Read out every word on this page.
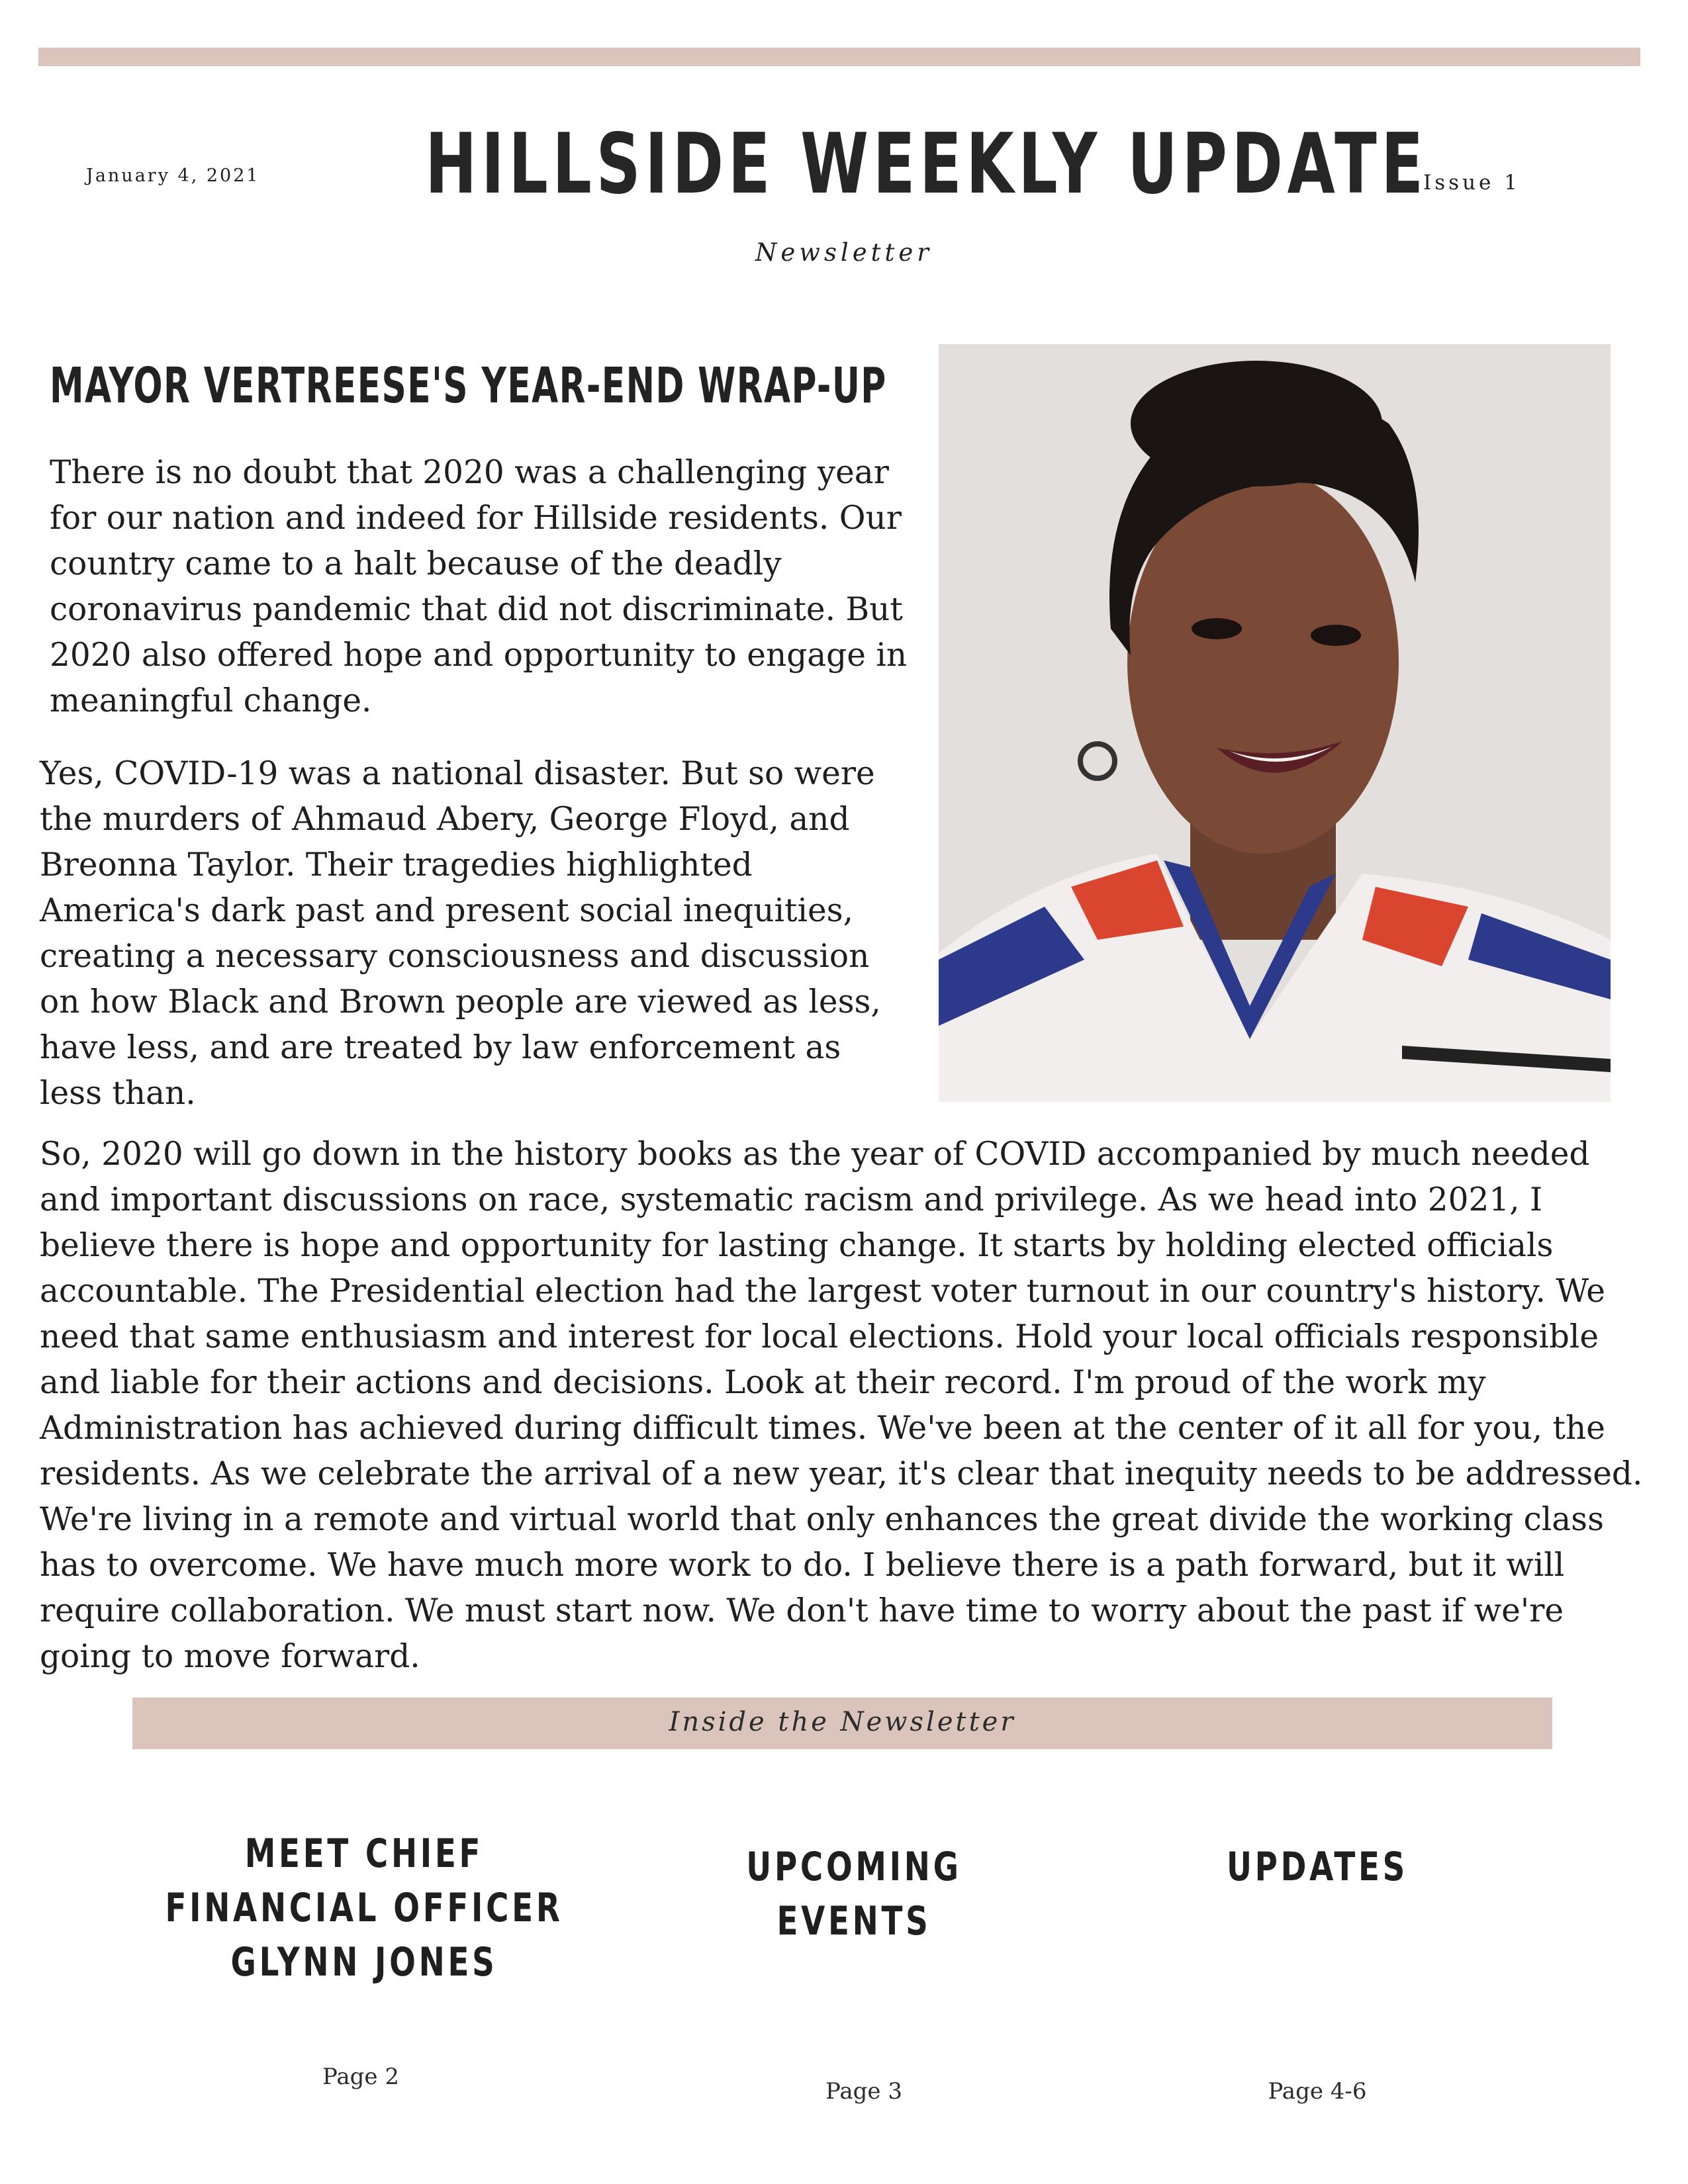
January 4, 2021 HILLSIDE WEEKLY UPDATE
Issue 1
Newsletter
MAYOR VERTREESE'S YEAR-END WRAP-UP
There is no doubt that 2020 was a challenging year for our nation and indeed for Hillside residents. Our country came to a halt because of the deadly coronavirus pandemic that did not discriminate. But 2020 also offered hope and opportunity to engage in meaningful change.
Yes, COVID-19 was a national disaster. But so were the murders of Ahmaud Abery, George Floyd, and Breonna Taylor. Their tragedies highlighted America's dark past and present social inequities, creating a necessary consciousness and discussion on how Black and Brown people are viewed as less, have less, and are treated by law enforcement as less than.
So, 2020 will go down in the history books as the year of COVID accompanied by much needed and important discussions on race, systematic racism and privilege. As we head into 2021, I believe there is hope and opportunity for lasting change. It starts by holding elected officials accountable. The Presidential election had the largest voter turnout in our country's history. We need that same enthusiasm and interest for local elections. Hold your local officials responsible and liable for their actions and decisions. Look at their record. I'm proud of the work my Administration has achieved during difficult times. We've been at the center of it all for you, the residents. As we celebrate the arrival of a new year, it's clear that inequity needs to be addressed. We're living in a remote and virtual world that only enhances the great divide the working class has to overcome. We have much more work to do. I believe there is a path forward, but it will require collaboration. We must start now. We don't have time to worry about the past if we're going to move forward.
Inside the Newsletter
MEET CHIEF
FINANCIAL OFFICER
GLYNN JONES
UPCOMING
EVENTS
UPDATES
Page 2
Page 3	Page 4-6
